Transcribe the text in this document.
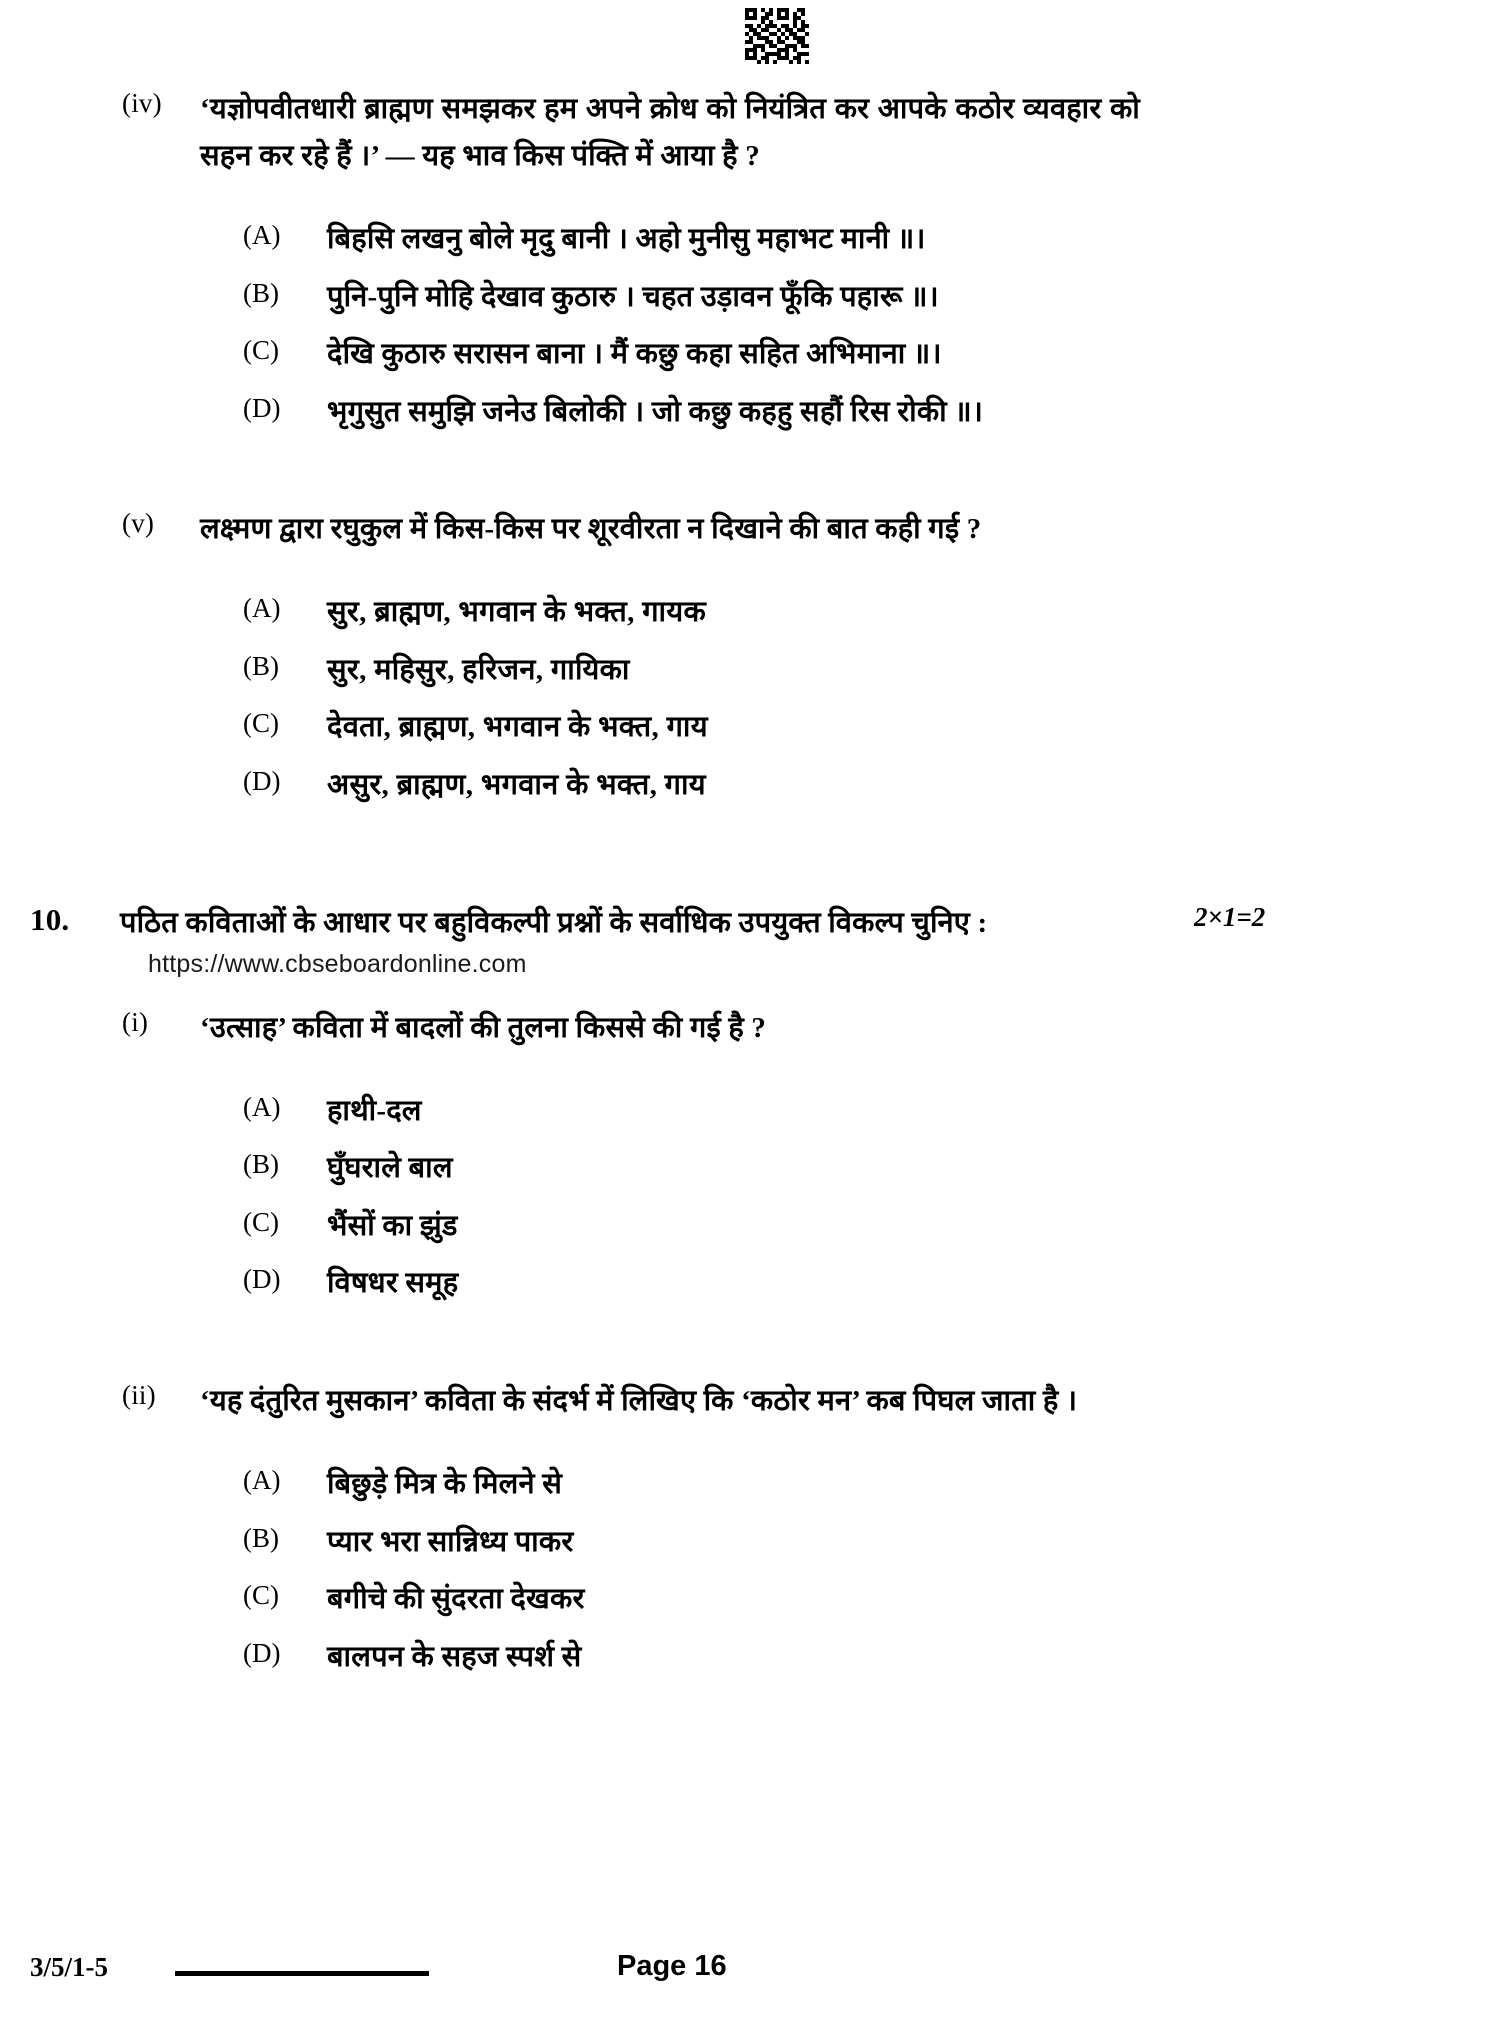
(iv)	‘यज्ञोपवीतधारी ब्राह्मण समझकर हम अपने क्रोध को नियंत्रित कर आपके कठोर व्यवहार को सहन कर रहे हैं ।’ — यह भाव किस पंक्ति में आया है ?
(A)	बिहसि लखनु बोले मृदु बानी । अहो मुनीसु महाभट मानी ॥।
(B)	पुनि-पुनि मोहि देखाव कुठारु । चहत उड़ावन फूँकि पहारू ॥।
(C)	देखि कुठारु सरासन बाना । मैं कछु कहा सहित अभिमाना ॥।
(D)	भृगुसुत समुझि जनेउ बिलोकी । जो कछु कहहु सहौं रिस रोकी ॥।
(v)	लक्ष्मण द्वारा रघुकुल में किस-किस पर शूरवीरता न दिखाने की बात कही गई ?
(A)	सुर, ब्राह्मण, भगवान के भक्त, गायक
(B)	सुर, महिसुर, हरिजन, गायिका
(C)	देवता, ब्राह्मण, भगवान के भक्त, गाय
(D)	असुर, ब्राह्मण, भगवान के भक्त, गाय
10.	पठित कविताओं के आधार पर बहुविकल्पी प्रश्नों के सर्वाधिक उपयुक्त विकल्प चुनिए :	2×1=2
https://www.cbseboardonline.com
(i)	‘उत्साह’ कविता में बादलों की तुलना किससे की गई है ?
(A)	हाथी-दल
(B)	घुँघराले बाल
(C)	भैंसों का झुंड
(D)	विषधर समूह
(ii)	‘यह दंतुरित मुसकान’ कविता के संदर्भ में लिखिए कि ‘कठोर मन’ कब पिघल जाता है ।
(A)	बिछुड़े मित्र के मिलने से
(B)	प्यार भरा सान्निध्य पाकर
(C)	बगीचे की सुंदरता देखकर
(D)	बालपन के सहज स्पर्श से
3/5/1-5	Page 16
